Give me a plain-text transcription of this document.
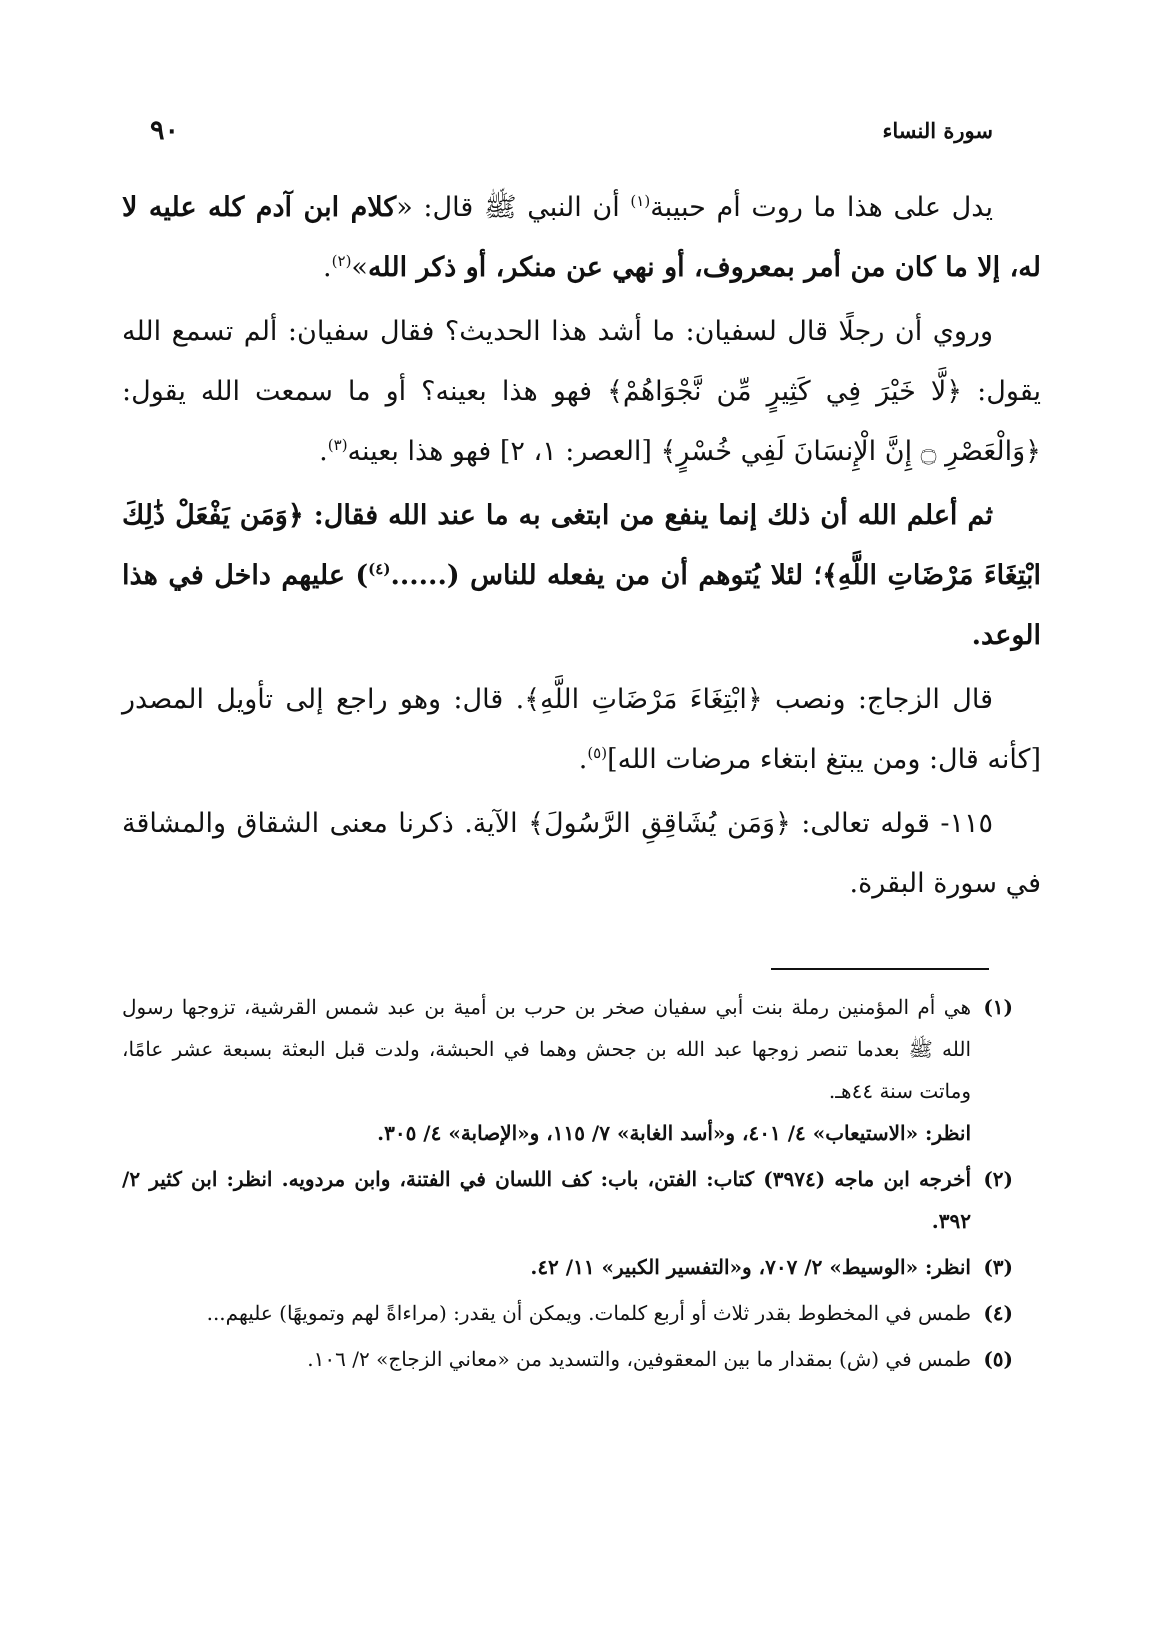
سورة النساء
٩٠

يدل على هذا ما روت أم حبيبة$^{(١)}$ أن النبي ﷺ قال: «كلام ابن آدم كله عليه لا له، إلا ما كان من أمر بمعروف، أو نهي عن منكر، أو ذكر الله»$^{(٢)}$.

وروي أن رجلًا قال لسفيان: ما أشد هذا الحديث؟ فقال سفيان: ألم تسمع الله يقول: ﴿لَّا خَيْرَ فِي كَثِيرٍ مِّن نَّجْوَاهُمْ﴾ فهو هذا بعينه؟ أو ما سمعت الله يقول: ﴿وَالْعَصْرِ ۝ إِنَّ الْإِنسَانَ لَفِي خُسْرٍ﴾ [العصر: ١، ٢] فهو هذا بعينه$^{(٣)}$.

ثم أعلم الله أن ذلك إنما ينفع من ابتغى به ما عند الله فقال: ﴿وَمَن يَفْعَلْ ذَٰلِكَ ابْتِغَاءَ مَرْضَاتِ اللَّهِ﴾؛ لئلا يُتوهم أن من يفعله للناس (......$^{(٤)}$) عليهم داخل في هذا الوعد.

قال الزجاج: ونصب ﴿ابْتِغَاءَ مَرْضَاتِ اللَّهِ﴾. قال: وهو راجع إلى تأويل المصدر [كأنه قال: ومن يبتغ ابتغاء مرضات الله]$^{(٥)}$.

١١٥- قوله تعالى: ﴿وَمَن يُشَاقِقِ الرَّسُولَ﴾ الآية. ذكرنا معنى الشقاق والمشاقة في سورة البقرة.

(١)
هي أم المؤمنين رملة بنت أبي سفيان صخر بن حرب بن أمية بن عبد شمس القرشية، تزوجها رسول الله ﷺ بعدما تنصر زوجها عبد الله بن جحش وهما في الحبشة، ولدت قبل البعثة بسبعة عشر عامًا، وماتت سنة ٤٤هـ.
انظر: «الاستيعاب» ٤/ ٤٠١، و«أسد الغابة» ٧/ ١١٥، و«الإصابة» ٤/ ٣٠٥.
(٢)
أخرجه ابن ماجه (٣٩٧٤) كتاب: الفتن، باب: كف اللسان في الفتنة، وابن مردويه. انظر: ابن كثير ٢/ ٣٩٢.
(٣)
انظر: «الوسيط» ٢/ ٧٠٧، و«التفسير الكبير» ١١/ ٤٢.
(٤)
طمس في المخطوط بقدر ثلاث أو أربع كلمات. ويمكن أن يقدر: (مراءاةً لهم وتمويهًا) عليهم...
(٥)
طمس في (ش) بمقدار ما بين المعقوفين، والتسديد من «معاني الزجاج» ٢/ ١٠٦.
